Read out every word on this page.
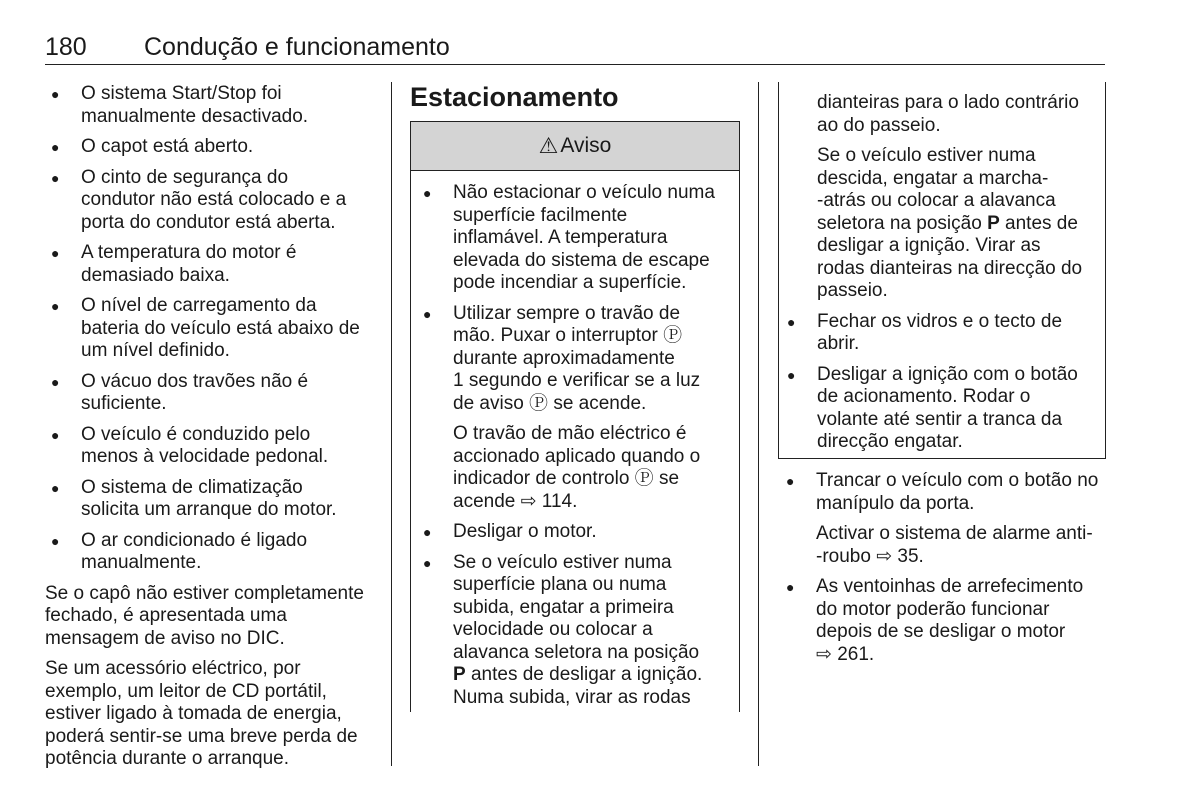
180 Condução e funcionamento
● O sistema Start/Stop foi
manualmente desactivado.
● O capot está aberto.
● O cinto de segurança do
condutor não está colocado e a
porta do condutor está aberta.
● A temperatura do motor é
demasiado baixa.
● O nível de carregamento da
bateria do veículo está abaixo de
um nível definido.
● O vácuo dos travões não é
suficiente.
● O veículo é conduzido pelo
menos à velocidade pedonal.
● O sistema de climatização
solicita um arranque do motor.
● O ar condicionado é ligado
manualmente.

Se o capô não estiver completamente
fechado, é apresentada uma
mensagem de aviso no DIC.

Se um acessório eléctrico, por
exemplo, um leitor de CD portátil,
estiver ligado à tomada de energia,
poderá sentir-se uma breve perda de
potência durante o arranque.

Estacionamento
⚠ Aviso
● Não estacionar o veículo numa
superfície facilmente
inflamável. A temperatura
elevada do sistema de escape
pode incendiar a superfície.
● Utilizar sempre o travão de
mão. Puxar o interruptor Ⓟ
durante aproximadamente
1 segundo e verificar se a luz
de aviso Ⓟ se acende.

O travão de mão eléctrico é
accionado aplicado quando o
indicador de controlo Ⓟ se
acende ⇨ 114.

● Desligar o motor.
● Se o veículo estiver numa
superfície plana ou numa
subida, engatar a primeira
velocidade ou colocar a
alavanca seletora na posição
P antes de desligar a ignição.
Numa subida, virar as rodas

dianteiras para o lado contrário
ao do passeio.

Se o veículo estiver numa
descida, engatar a marcha-
-atrás ou colocar a alavanca
seletora na posição P antes de
desligar a ignição. Virar as
rodas dianteiras na direcção do
passeio.

● Fechar os vidros e o tecto de
abrir.
● Desligar a ignição com o botão
de acionamento. Rodar o
volante até sentir a tranca da
direcção engatar.
● Trancar o veículo com o botão no
manípulo da porta.

Activar o sistema de alarme anti-
-roubo ⇨ 35.

● As ventoinhas de arrefecimento
do motor poderão funcionar
depois de se desligar o motor
⇨ 261.
